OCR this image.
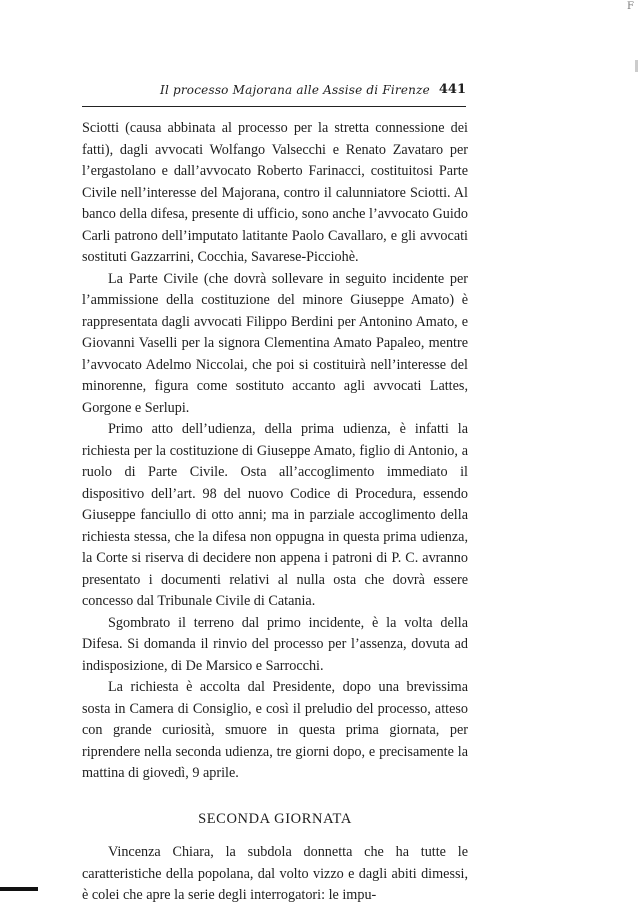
F
Il processo Majorana alle Assise di Firenze 441

Sciotti (causa abbinata al processo per la stretta connessione dei fatti), dagli avvocati Wolfango Valsecchi e Renato Zavataro per l’ergastolano e dall’avvocato Roberto Farinacci, costituitosi Parte Civile nell’interesse del Majorana, contro il calunniatore Sciotti. Al banco della difesa, presente di ufficio, sono anche l’avvocato Guido Carli patrono dell’imputato latitante Paolo Cavallaro, e gli avvocati sostituti Gazzarrini, Cocchia, Savarese-Picciohè.

La Parte Civile (che dovrà sollevare in seguito incidente per l’ammissione della costituzione del minore Giuseppe Amato) è rappresentata dagli avvocati Filippo Berdini per Antonino Amato, e Giovanni Vaselli per la signora Clementina Amato Papaleo, mentre l’avvocato Adelmo Niccolai, che poi si costituirà nell’interesse del minorenne, figura come sostituto accanto agli avvocati Lattes, Gorgone e Serlupi.

Primo atto dell’udienza, della prima udienza, è infatti la richiesta per la costituzione di Giuseppe Amato, figlio di Antonio, a ruolo di Parte Civile. Osta all’accoglimento immediato il dispositivo dell’art. 98 del nuovo Codice di Procedura, essendo Giuseppe fanciullo di otto anni; ma in parziale accoglimento della richiesta stessa, che la difesa non oppugna in questa prima udienza, la Corte si riserva di decidere non appena i patroni di P. C. avranno presentato i documenti relativi al nulla osta che dovrà essere concesso dal Tribunale Civile di Catania.

Sgombrato il terreno dal primo incidente, è la volta della Difesa. Si domanda il rinvio del processo per l’assenza, dovuta ad indisposizione, di De Marsico e Sarrocchi.

La richiesta è accolta dal Presidente, dopo una brevissima sosta in Camera di Consiglio, e così il preludio del processo, atteso con grande curiosità, smuore in questa prima giornata, per riprendere nella seconda udienza, tre giorni dopo, e precisamente la mattina di giovedì, 9 aprile.

SECONDA GIORNATA

Vincenza Chiara, la subdola donnetta che ha tutte le caratteristiche della popolana, dal volto vizzo e dagli abiti dimessi, è colei che apre la serie degli interrogatori: le impu-
